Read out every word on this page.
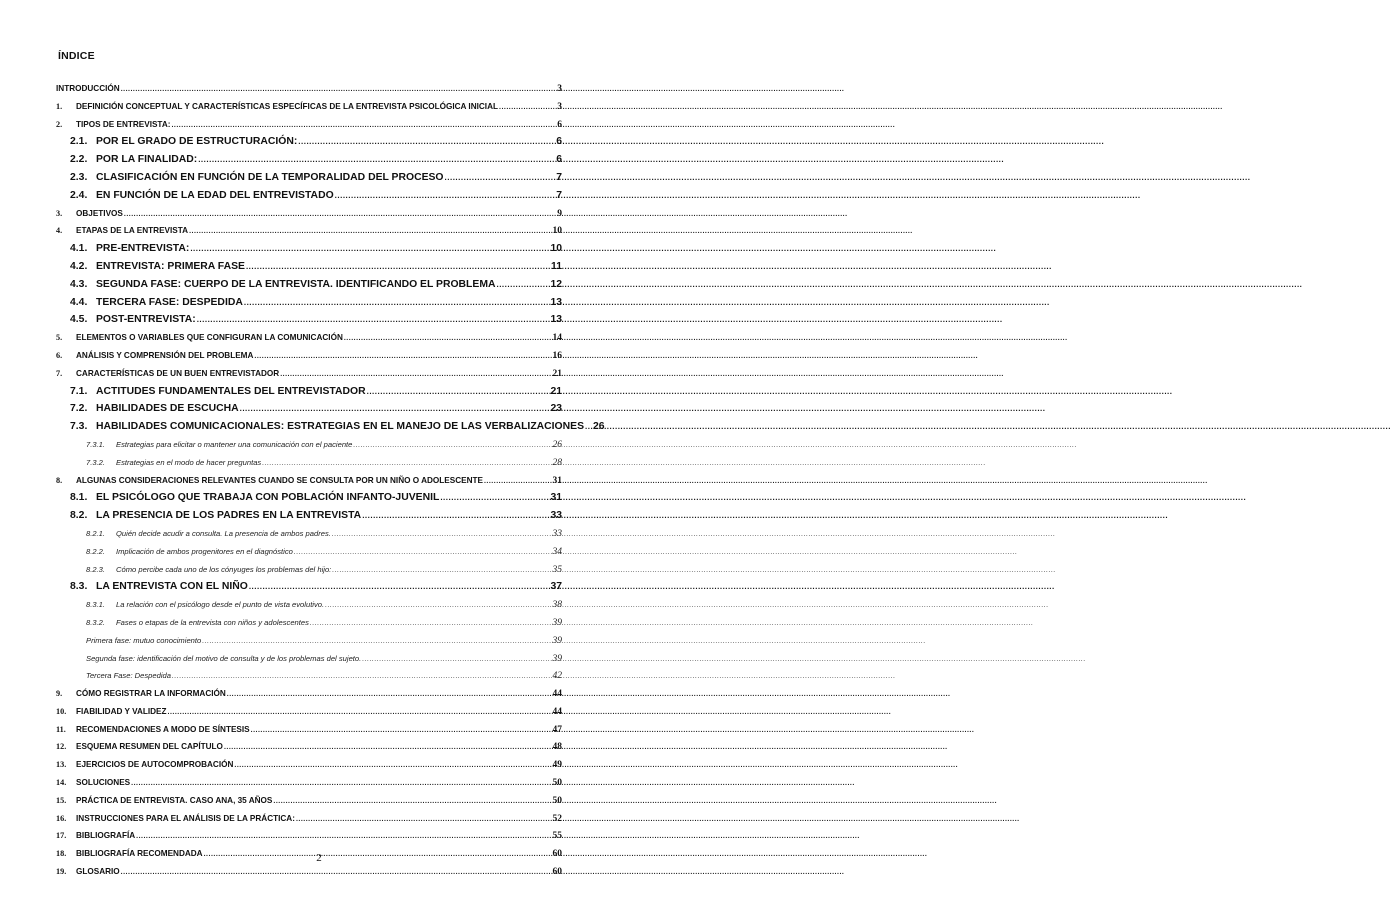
ÍNDICE
INTRODUCCIÓN .....	3
1.	DEFINICIÓN CONCEPTUAL Y CARACTERÍSTICAS ESPECÍFICAS DE LA ENTREVISTA PSICOLÓGICA INICIAL .....	3
2.	TIPOS DE ENTREVISTA: .....	6
2.1. POR EL GRADO DE ESTRUCTURACIÓN: .....	6
2.2. POR LA FINALIDAD: .....	6
2.3. CLASIFICACIÓN EN FUNCIÓN DE LA TEMPORALIDAD DEL PROCESO .....	7
2.4. EN FUNCIÓN DE LA EDAD DEL ENTREVISTADO .....	7
3.	OBJETIVOS .....	9
4.	ETAPAS DE LA ENTREVISTA .....	10
4.1. PRE-ENTREVISTA: .....	10
4.2. ENTREVISTA: PRIMERA FASE .....	11
4.3. SEGUNDA FASE: CUERPO DE LA ENTREVISTA. IDENTIFICANDO EL PROBLEMA .....	12
4.4. TERCERA FASE: DESPEDIDA .....	13
4.5. POST-ENTREVISTA: .....	13
5.	ELEMENTOS O VARIABLES QUE CONFIGURAN LA COMUNICACIÓN .....	14
6.	ANÁLISIS Y COMPRENSIÓN DEL PROBLEMA .....	16
7.	CARACTERÍSTICAS DE UN BUEN ENTREVISTADOR .....	21
7.1. ACTITUDES FUNDAMENTALES DEL ENTREVISTADOR .....	21
7.2. HABILIDADES DE ESCUCHA .....	23
7.3. HABILIDADES COMUNICACIONALES: ESTRATEGIAS EN EL MANEJO DE LAS VERBALIZACIONES ..... 26
7.3.1.	Estrategias para elicitar o mantener una comunicación con el paciente .....	26
7.3.2.	Estrategias en el modo de hacer preguntas .....	28
8.	ALGUNAS CONSIDERACIONES RELEVANTES CUANDO SE CONSULTA POR UN NIÑO O ADOLESCENTE .....	31
8.1. EL PSICÓLOGO QUE TRABAJA CON POBLACIÓN INFANTO-JUVENIL .....	31
8.2. LA PRESENCIA DE LOS PADRES EN LA ENTREVISTA .....	33
8.2.1.	Quién decide acudir a consulta. La presencia de ambos padres. .....	33
8.2.2.	Implicación de ambos progenitores en el diagnóstico .....	34
8.2.3.	Cómo percibe cada uno de los cónyuges los problemas del hijo: .....	35
8.3. LA ENTREVISTA CON EL NIÑO .....	37
8.3.1.	La relación con el psicólogo desde el punto de vista evolutivo. .....	38
8.3.2.	Fases o etapas de la entrevista con niños y adolescentes .....	39
Primera fase: mutuo conocimiento .....	39
Segunda fase: identificación del motivo de consulta y de los problemas del sujeto. .....	39
Tercera Fase: Despedida .....	42
9.	CÓMO REGISTRAR LA INFORMACIÓN .....	44
10.	FIABILIDAD Y VALIDEZ .....	44
11.	RECOMENDACIONES A MODO DE SÍNTESIS .....	47
12.	ESQUEMA RESUMEN DEL CAPÍTULO .....	48
13.	EJERCICIOS DE AUTOCOMPROBACIÓN .....	49
14.	SOLUCIONES .....	50
15.	PRÁCTICA DE ENTREVISTA. CASO ANA, 35 AÑOS .....	50
16.	INSTRUCCIONES PARA EL ANÁLISIS DE LA PRÁCTICA: .....	52
17.	BIBLIOGRAFÍA .....	55
18.	BIBLIOGRAFÍA RECOMENDADA .....	60
19.	GLOSARIO .....	60
2
